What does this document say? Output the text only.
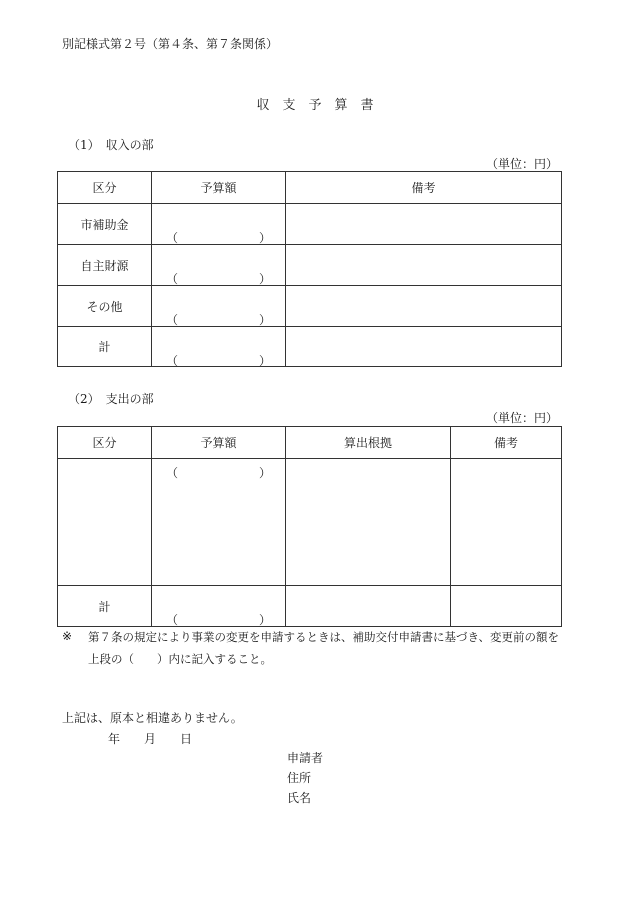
別記様式第２号（第４条、第７条関係）
収　支　予　算　書
（1）　収入の部
（単位：円）
区分	予算額	備考
市補助金	（ ）	

自主財源	（ ）	

その他	（ ）	

計	（ ）	

（2）　支出の部
（単位：円）
区分	予算額	算出根拠	備考

	（ ）		

計	（ ）		

※ 第７条の規定により事業の変更を申請するときは、補助交付申請書に基づき、変更前の額を
上段の（　　）内に記入すること。
上記は、原本と相違ありません。
年　　月　　日
申請者
住所
氏名
